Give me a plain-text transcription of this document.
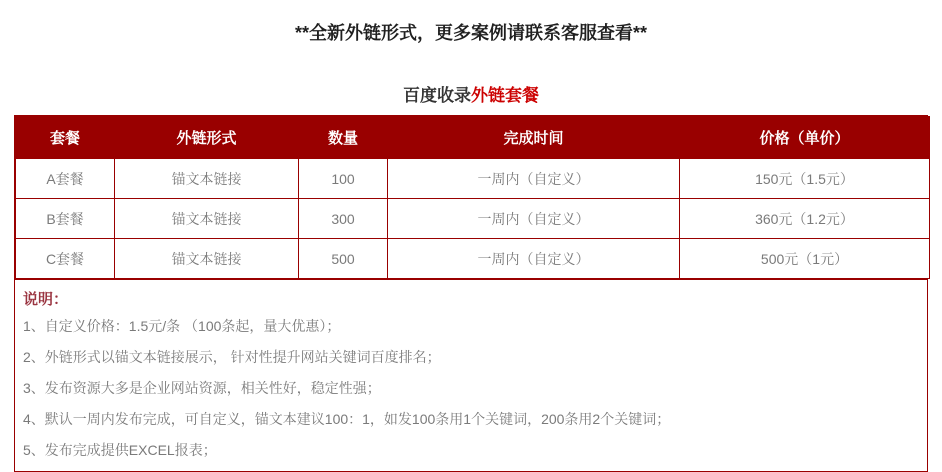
**全新外链形式，更多案例请联系客服查看**
百度收录外链套餐
套餐	外链形式	数量	完成时间	价格（单价）
A套餐	锚文本链接	100	一周内（自定义）	150元（1.5元）
B套餐	锚文本链接	300	一周内（自定义）	360元（1.2元）
C套餐	锚文本链接	500	一周内（自定义）	500元（1元）
说明：

1、自定义价格：1.5元/条 （100条起，量大优惠）；

2、外链形式以锚文本链接展示， 针对性提升网站关键词百度排名；

3、发布资源大多是企业网站资源，相关性好，稳定性强；

4、默认一周内发布完成，可自定义，锚文本建议100：1，如发100条用1个关键词，200条用2个关键词；

5、发布完成提供EXCEL报表；
